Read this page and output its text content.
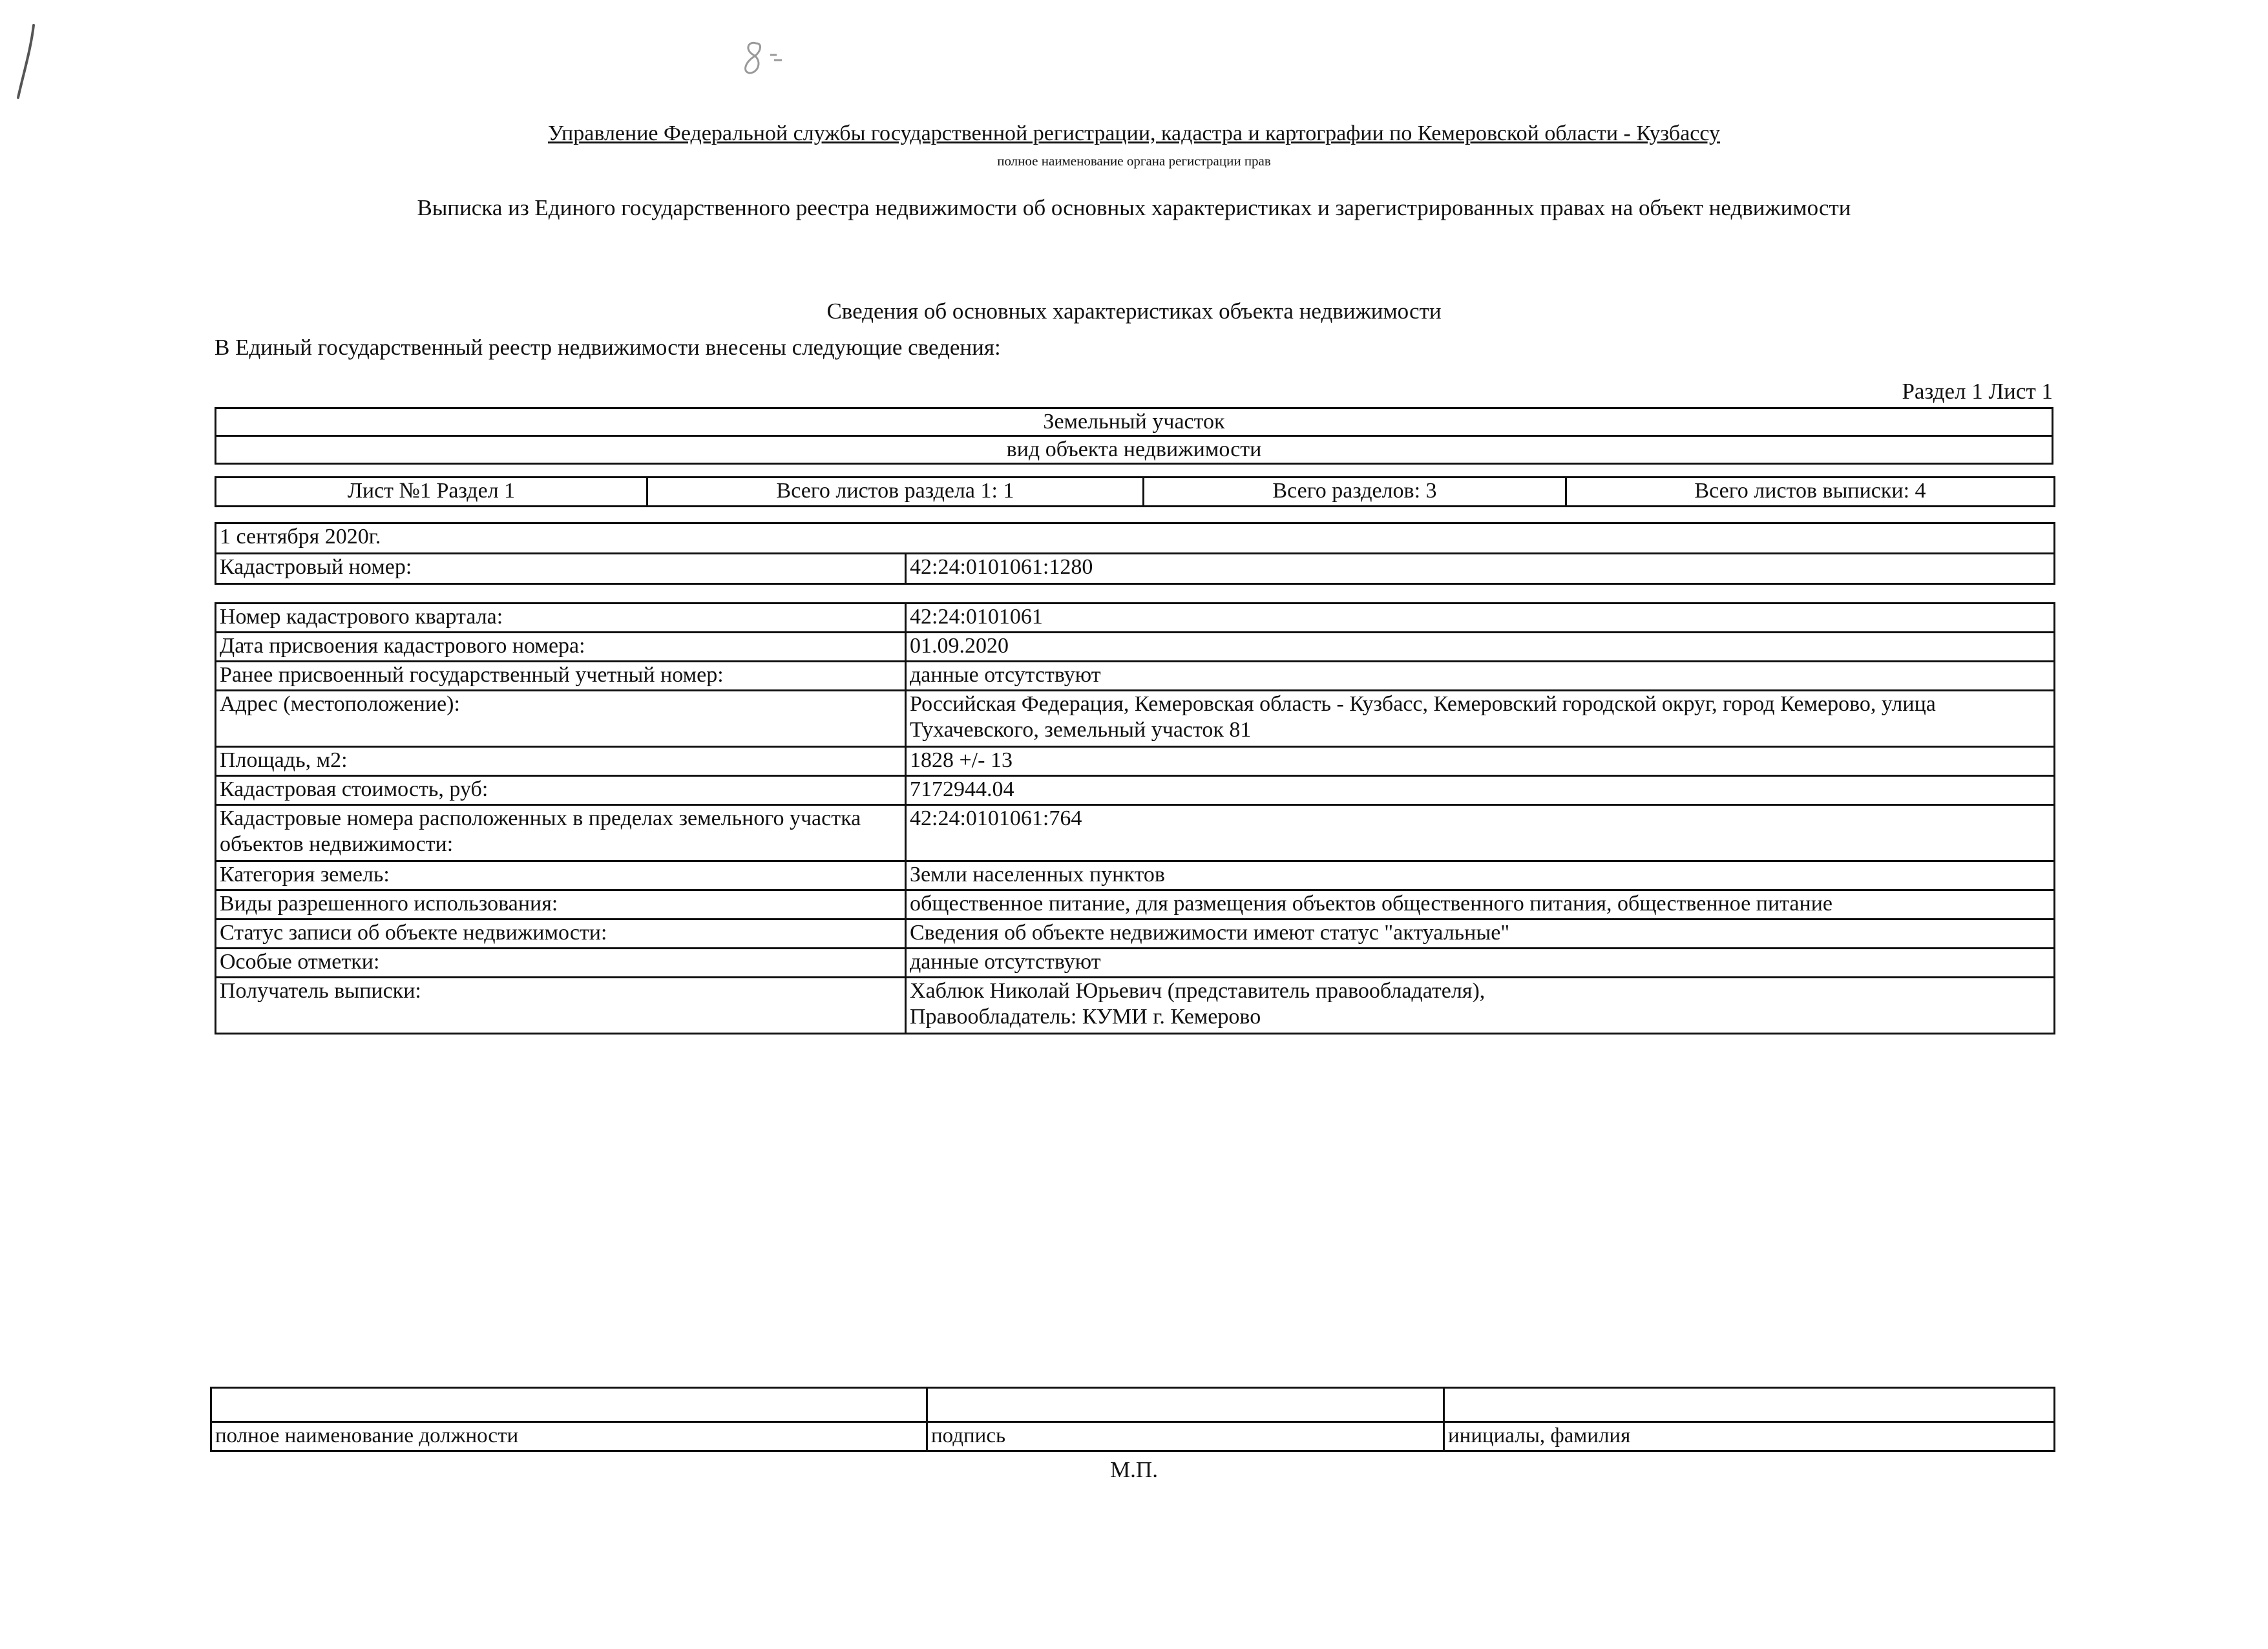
Управление Федеральной службы государственной регистрации, кадастра и картографии по Кемеровской области - Кузбассу
полное наименование органа регистрации прав
Выписка из Единого государственного реестра недвижимости об основных характеристиках и зарегистрированных правах на объект недвижимости
Сведения об основных характеристиках объекта недвижимости
В Единый государственный реестр недвижимости внесены следующие сведения:
Раздел 1 Лист 1
Земельный участок
вид объекта недвижимости
Лист №1 Раздел 1	Всего листов раздела 1: 1	Всего разделов: 3	Всего листов выписки: 4
1 сентября 2020г.
Кадастровый номер:	42:24:0101061:1280
Номер кадастрового квартала:	42:24:0101061
Дата присвоения кадастрового номера:	01.09.2020
Ранее присвоенный государственный учетный номер:	данные отсутствуют
Адрес (местоположение):	Российская Федерация, Кемеровская область - Кузбасс, Кемеровский городской округ, город Кемерово, улица Тухачевского, земельный участок 81
Площадь, м2:	1828 +/- 13
Кадастровая стоимость, руб:	7172944.04
Кадастровые номера расположенных в пределах земельного участка объектов недвижимости:	42:24:0101061:764
Категория земель:	Земли населенных пунктов
Виды разрешенного использования:	общественное питание, для размещения объектов общественного питания, общественное питание
Статус записи об объекте недвижимости:	Сведения об объекте недвижимости имеют статус "актуальные"
Особые отметки:	данные отсутствуют
Получатель выписки:	Хаблюк Николай Юрьевич (представитель правообладателя),
Правообладатель: КУМИ г. Кемерово

полное наименование должности	подпись	инициалы, фамилия
М.П.
